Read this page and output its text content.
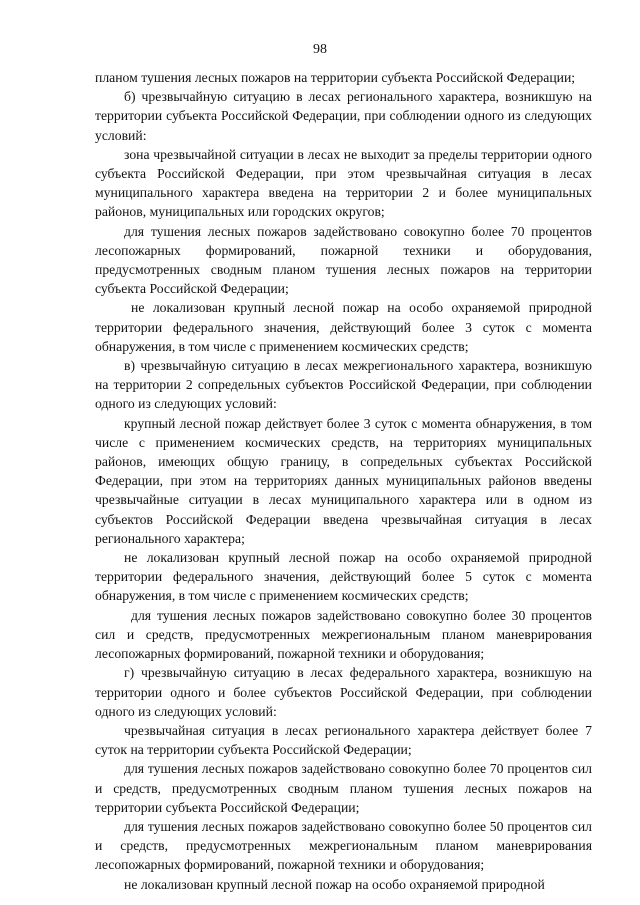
98

планом тушения лесных пожаров на территории субъекта Российской Федерации;

б) чрезвычайную ситуацию в лесах регионального характера, возникшую на территории субъекта Российской Федерации, при соблюдении одного из следующих условий:

зона чрезвычайной ситуации в лесах не выходит за пределы территории одного субъекта Российской Федерации, при этом чрезвычайная ситуация в лесах муниципального характера введена на территории 2 и более муниципальных районов, муниципальных или городских округов;

для тушения лесных пожаров задействовано совокупно более 70 процентов лесопожарных формирований, пожарной техники и оборудования, предусмотренных сводным планом тушения лесных пожаров на территории субъекта Российской Федерации;

не локализован крупный лесной пожар на особо охраняемой природной территории федерального значения, действующий более 3 суток с момента обнаружения, в том числе с применением космических средств;

в) чрезвычайную ситуацию в лесах межрегионального характера, возникшую на территории 2 сопредельных субъектов Российской Федерации, при соблюдении одного из следующих условий:

крупный лесной пожар действует более 3 суток с момента обнаружения, в том числе с применением космических средств, на территориях муниципальных районов, имеющих общую границу, в сопредельных субъектах Российской Федерации, при этом на территориях данных муниципальных районов введены чрезвычайные ситуации в лесах муниципального характера или в одном из субъектов Российской Федерации введена чрезвычайная ситуация в лесах регионального характера;

не локализован крупный лесной пожар на особо охраняемой природной территории федерального значения, действующий более 5 суток с момента обнаружения, в том числе с применением космических средств;

для тушения лесных пожаров задействовано совокупно более 30 процентов сил и средств, предусмотренных межрегиональным планом маневрирования лесопожарных формирований, пожарной техники и оборудования;

г) чрезвычайную ситуацию в лесах федерального характера, возникшую на территории одного и более субъектов Российской Федерации, при соблюдении одного из следующих условий:

чрезвычайная ситуация в лесах регионального характера действует более 7 суток на территории субъекта Российской Федерации;

для тушения лесных пожаров задействовано совокупно более 70 процентов сил и средств, предусмотренных сводным планом тушения лесных пожаров на территории субъекта Российской Федерации;

для тушения лесных пожаров задействовано совокупно более 50 процентов сил и средств, предусмотренных межрегиональным планом маневрирования лесопожарных формирований, пожарной техники и оборудования;

не локализован крупный лесной пожар на особо охраняемой природной
